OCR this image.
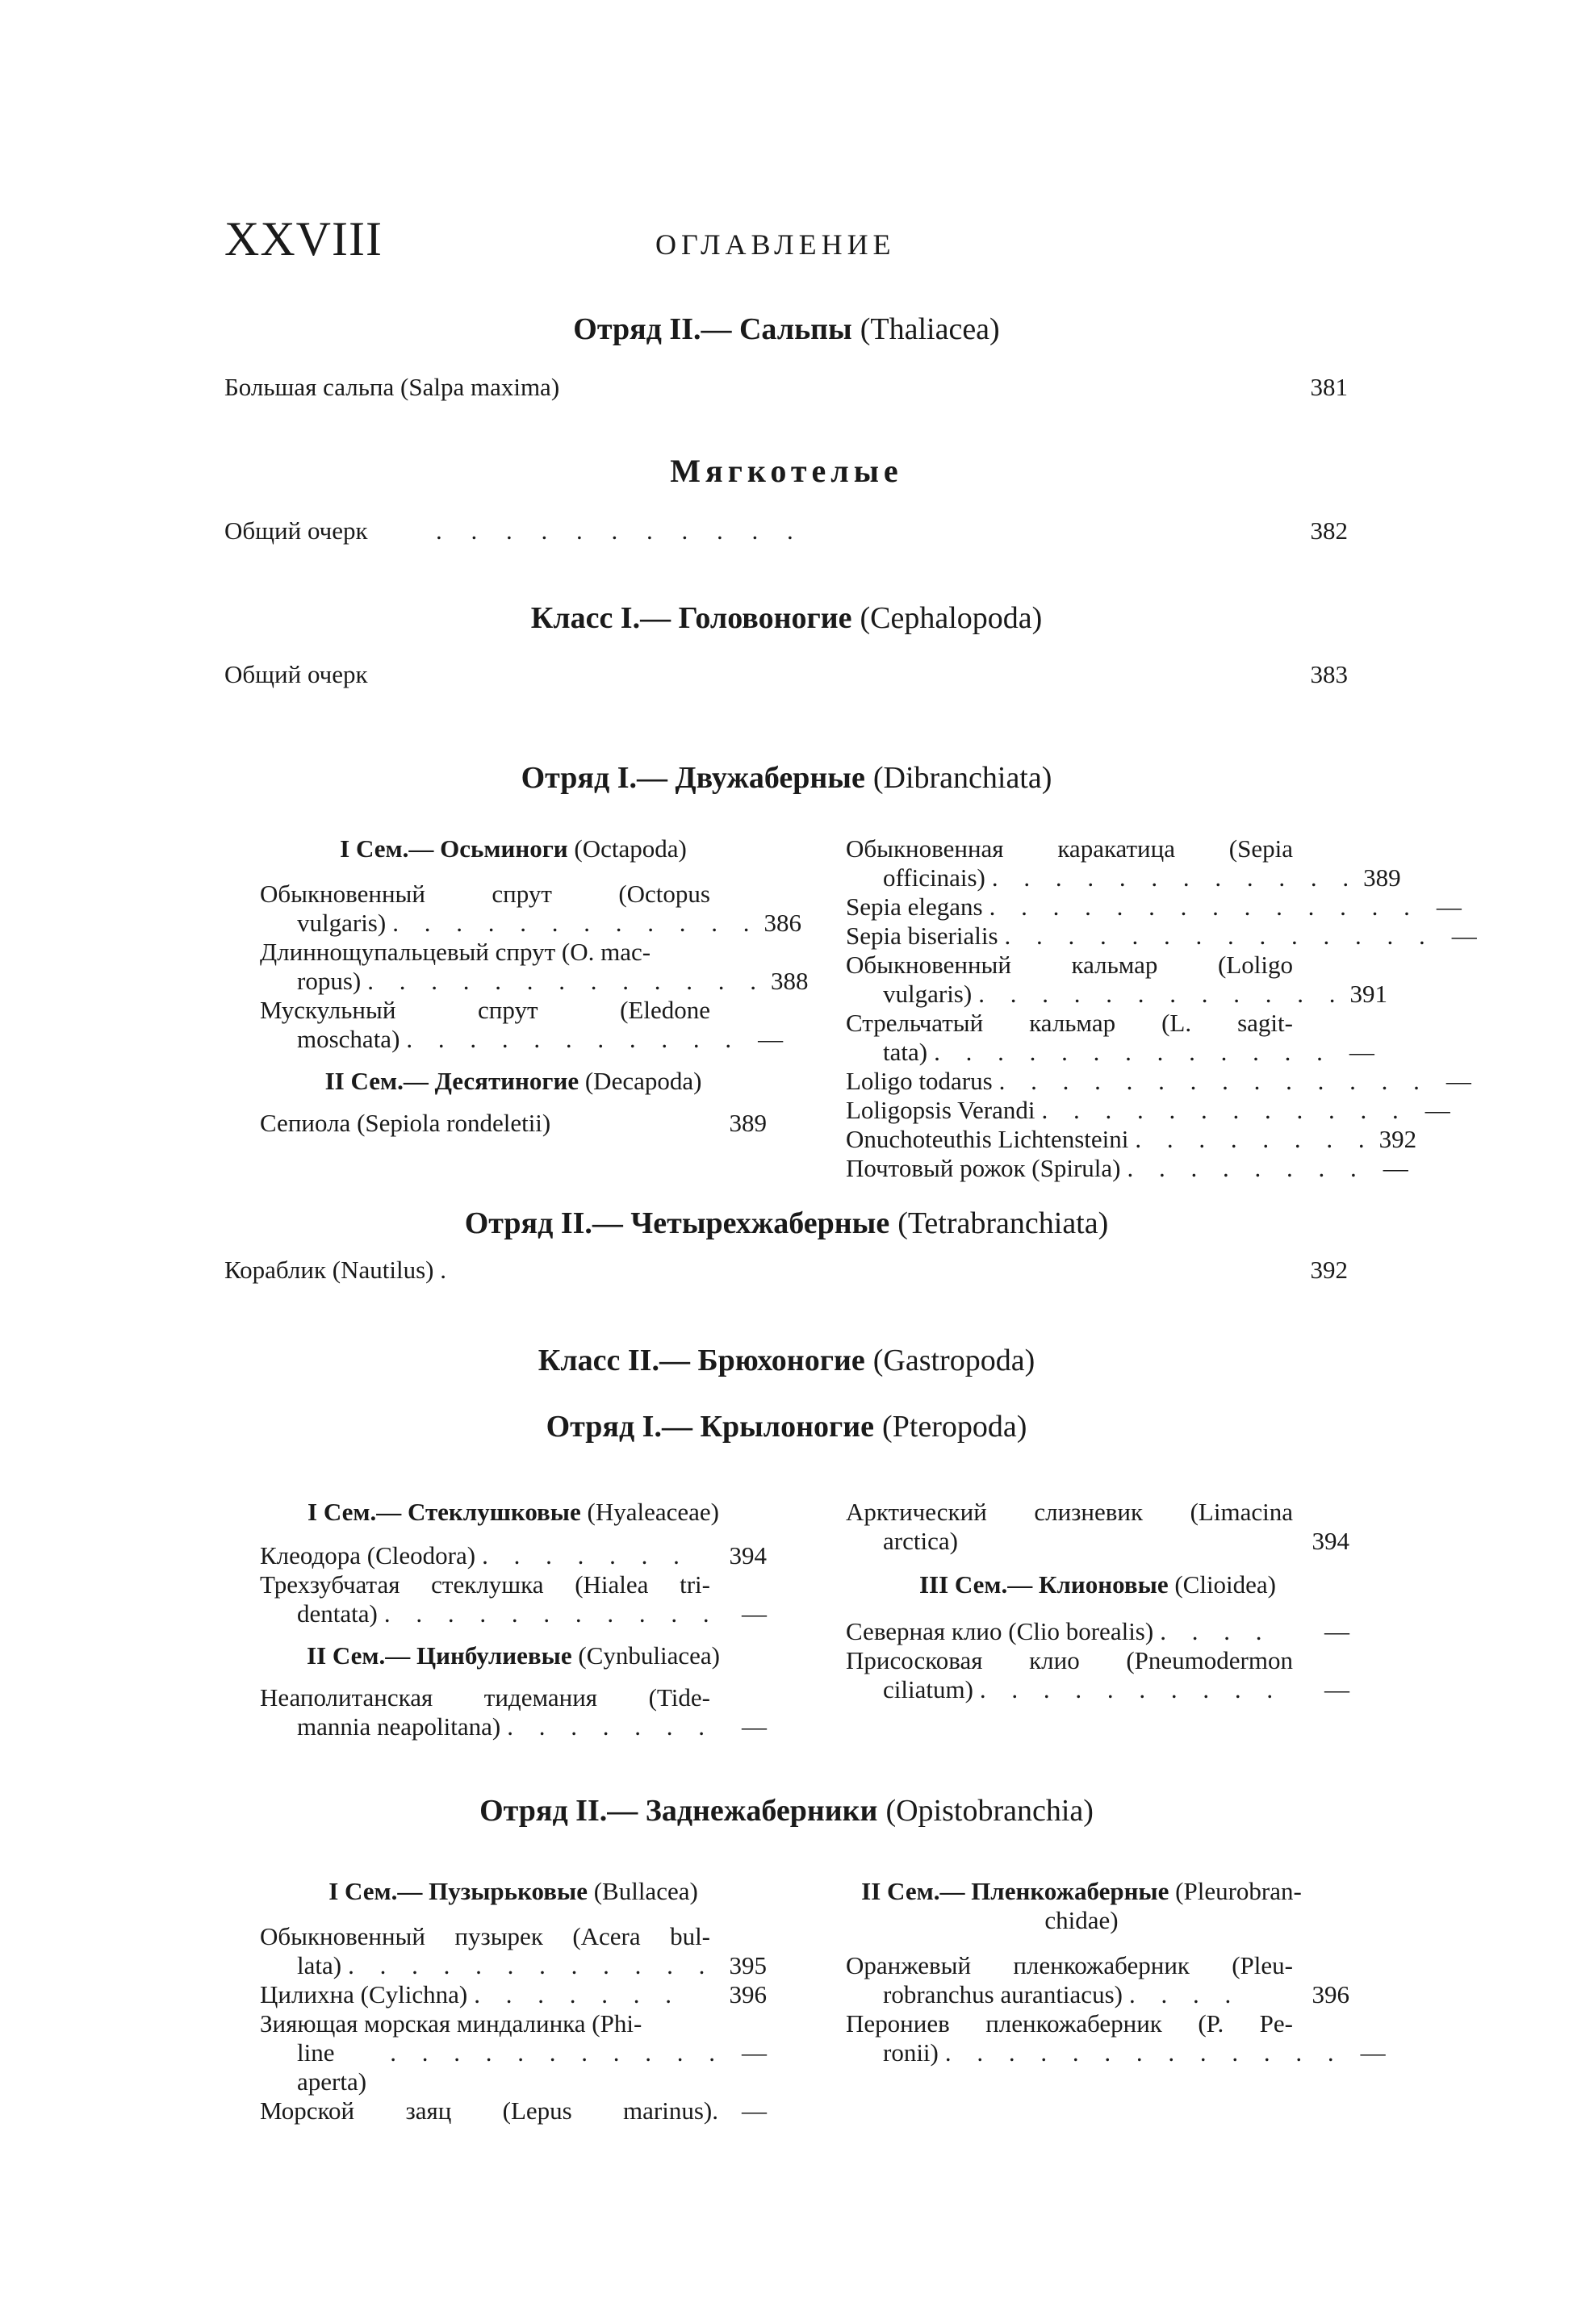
XXVIII	ОГЛАВЛЕНИЕ
Отряд II.— Сальпы (Thaliacea)
Большая сальпа (Salpa maxima)	381
Мягкотелые
Общий очерк	. . . . . . . . . . .	382
Класс I.— Головоногие (Cephalopoda)
Общий очерк	383
Отряд I.— Двужаберные (Dibranchiata)
I Сем.— Осьминоги (Octapoda)
Обыкновенный	спрут	(Octopus
vulgaris) . . . . . . . . . . . . 386
Длиннощупальцевый спрут (O. mac-
ropus) . . . . . . . . . . . . . 388
Мускульный	спрут	(Eledone
moschata) . . . . . . . . . . . —
II Сем.— Десятиногие (Decapoda)
Сепиола (Sepiola rondeletii)	389
Обыкновенная каракатица (Sepia
officinais) . . . . . . . . . . . . 389
Sepia elegans . . . . . . . . . . . . . . —
Sepia biserialis . . . . . . . . . . . . . . —
Обыкновенный кальмар (Loligo
vulgaris) . . . . . . . . . . . . 391
Стрельчатый кальмар (L. sagit-
tata) . . . . . . . . . . . . . —
Loligo todarus . . . . . . . . . . . . . . —
Loligopsis Verandi . . . . . . . . . . . . —
Onuchoteuthis Lichtensteini . . . . . . . . 392
Почтовый рожок (Spirula) . . . . . . . . —
Отряд II.— Четырехжаберные (Tetrabranchiata)
Кораблик (Nautilus) .	392
Класс II.— Брюхоногие (Gastropoda)
Отряд I.— Крылоногие (Pteropoda)
I Сем.— Стеклушковые (Hyaleaceae)
Клеодора (Cleodora) . . . . . . .	394
Трехзубчатая стеклушка (Hialea tri-
dentata) . . . . . . . . . . . —
II Сем.— Цинбулиевые (Cynbuliacea)
Неаполитанская тидемания (Tide-
mannia neapolitana) . . . . . . .	—
Арктический слизневик (Limacina
arctica)	394
III Сем.— Клионовые (Clioidea)
Северная клио (Clio borealis) . . . .	—
Присосковая клио (Pneumodermon
ciliatum) . . . . . . . . . .	—
Отряд II.— Заднежаберники (Opistobranchia)
I Сем.— Пузырьковые (Bullacea)
Обыкновенный пузырек (Acera bul-
lata) . . . . . . . . . . . . 395
Цилихна (Cylichna) . . . . . . .	396
Зияющая морская миндалинка (Phi-
line aperta)
. . . . . . . . . . . —
Морской заяц (Lepus marinus). —
II Сем.— Пленкожаберные (Pleurobran-
chidae)
Оранжевый пленкожаберник (Pleu-
robranchus aurantiacus) . . . .	396
Перониев пленкожаберник (P. Pe-
ronii) . . . . . . . . . . . . . —
